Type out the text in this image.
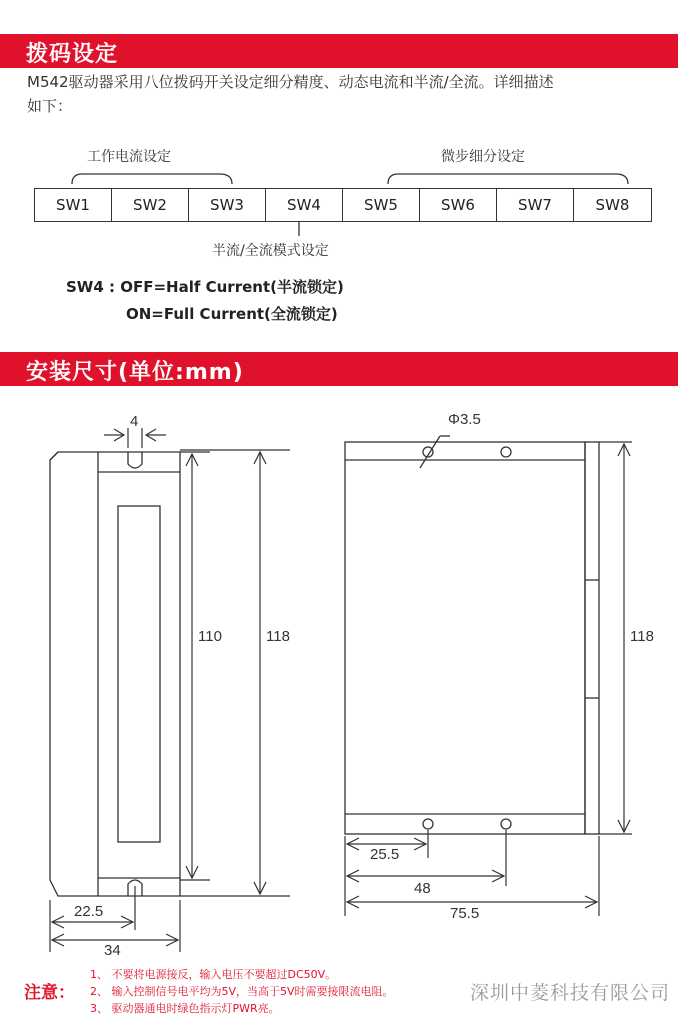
拨码设定
M542驱动器采用八位拨码开关设定细分精度、动态电流和半流/全流。详细描述
如下：
工作电流设定	微步细分设定
SW1	SW2	SW3	SW4	SW5	SW6	SW7	SW8
半流/全流模式设定
SW4 : OFF=Half Current(半流锁定)
ON=Full Current(全流锁定)
安装尺寸(单位:mm)
4
110	118	118
Φ3.5
25.5
48
75.5
22.5
34
注意：
1、 不要将电源接反，输入电压不要超过DC50V。
2、 输入控制信号电平均为5V，当高于5V时需要接限流电阻。
3、 驱动器通电时绿色指示灯PWR亮。
深圳中菱科技有限公司
